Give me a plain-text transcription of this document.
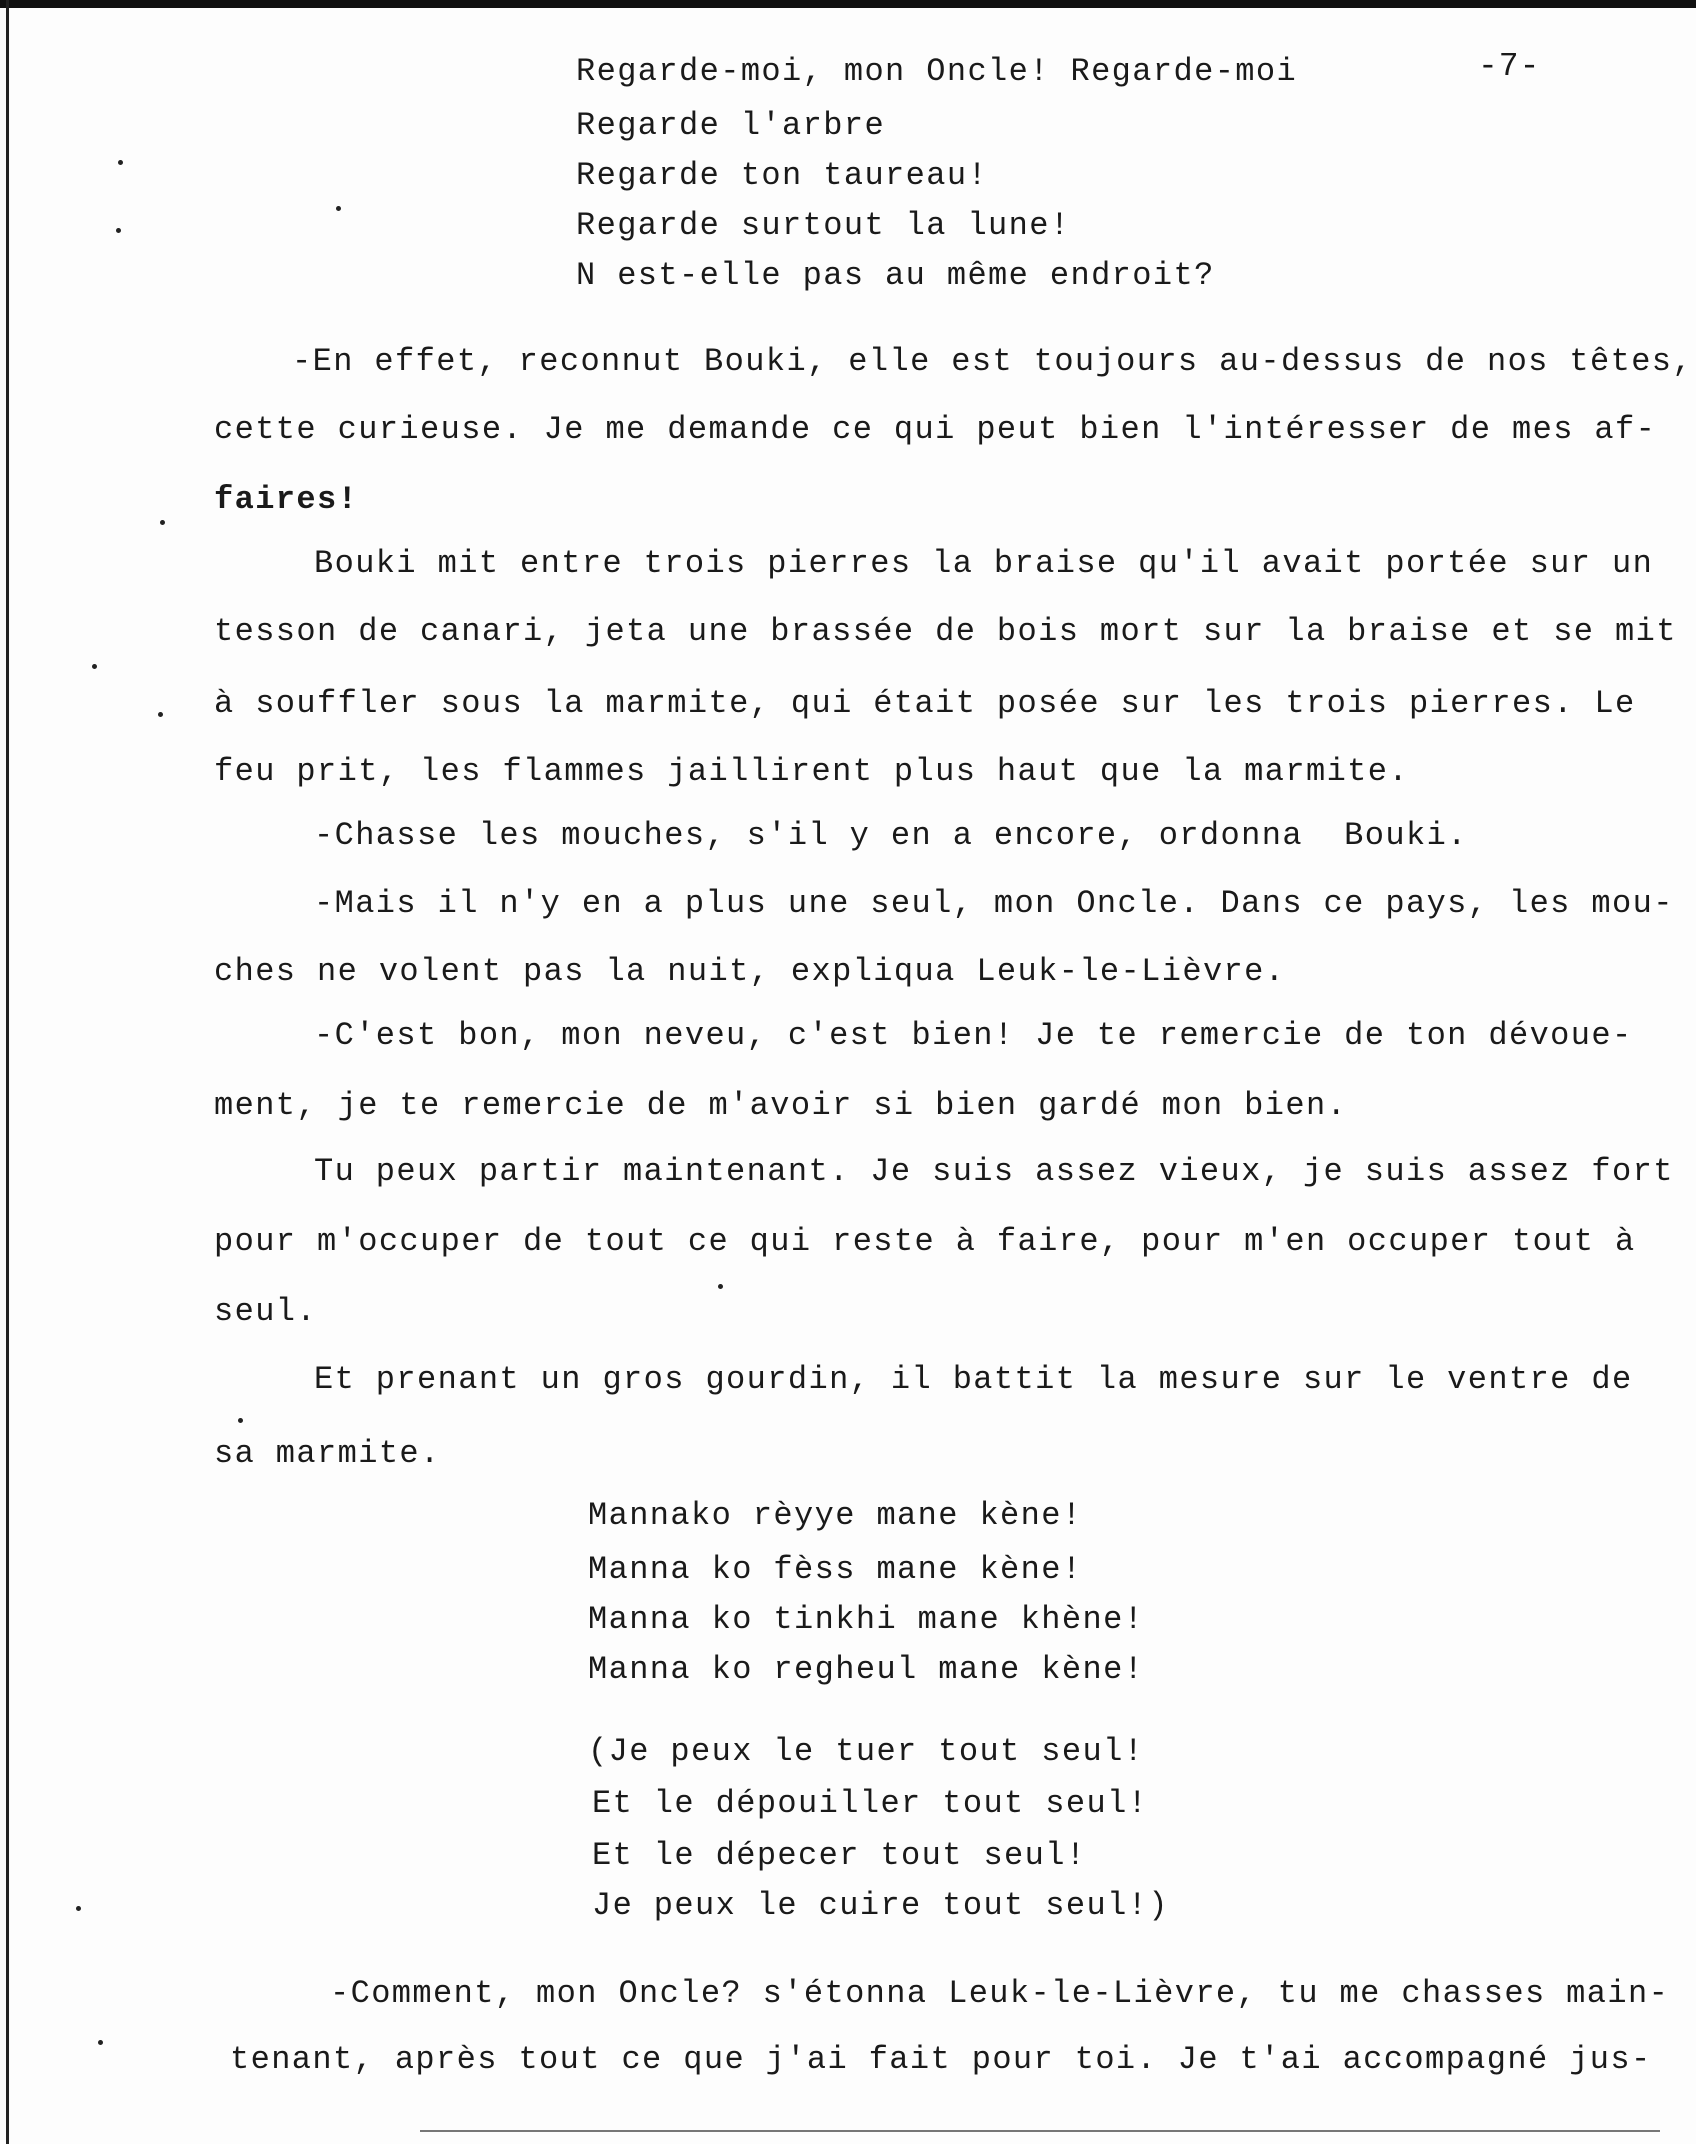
-7-
Regarde-moi, mon Oncle! Regarde-moi
Regarde l'arbre
Regarde ton taureau!
Regarde surtout la lune!
N est-elle pas au même endroit?
-En effet, reconnut Bouki, elle est toujours au-dessus de nos têtes,
cette curieuse. Je me demande ce qui peut bien l'intéresser de mes af-
faires!
Bouki mit entre trois pierres la braise qu'il avait portée sur un
tesson de canari, jeta une brassée de bois mort sur la braise et se mit
à souffler sous la marmite, qui était posée sur les trois pierres. Le
feu prit, les flammes jaillirent plus haut que la marmite.
-Chasse les mouches, s'il y en a encore, ordonna  Bouki.
-Mais il n'y en a plus une seul, mon Oncle. Dans ce pays, les mou-
ches ne volent pas la nuit, expliqua Leuk-le-Lièvre.
-C'est bon, mon neveu, c'est bien! Je te remercie de ton dévoue-
ment, je te remercie de m'avoir si bien gardé mon bien.
Tu peux partir maintenant. Je suis assez vieux, je suis assez fort
pour m'occuper de tout ce qui reste à faire, pour m'en occuper tout à
seul.
Et prenant un gros gourdin, il battit la mesure sur le ventre de
sa marmite.
Mannako rèyye mane kène!
Manna ko fèss mane kène!
Manna ko tinkhi mane khène!
Manna ko regheul mane kène!
(Je peux le tuer tout seul!
Et le dépouiller tout seul!
Et le dépecer tout seul!
Je peux le cuire tout seul!)
-Comment, mon Oncle? s'étonna Leuk-le-Lièvre, tu me chasses main-
tenant, après tout ce que j'ai fait pour toi. Je t'ai accompagné jus-
